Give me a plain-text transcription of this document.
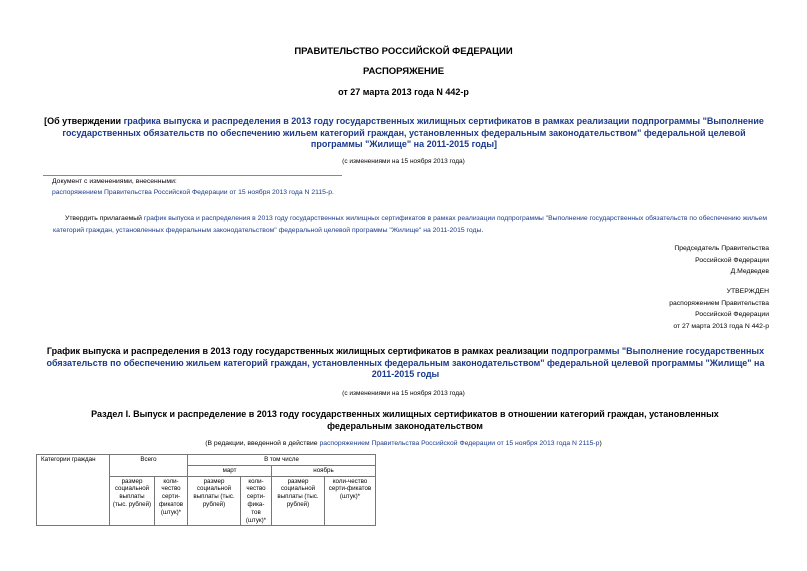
ПРАВИТЕЛЬСТВО РОССИЙСКОЙ ФЕДЕРАЦИИ
РАСПОРЯЖЕНИЕ
от 27 марта 2013 года N 442-р
[Об утверждении графика выпуска и распределения в 2013 году государственных жилищных сертификатов в рамках реализации подпрограммы "Выполнение государственных обязательств по обеспечению жильем категорий граждан, установленных федеральным законодательством" федеральной целевой программы "Жилище" на 2011-2015 годы]
(с изменениями на 15 ноября 2013 года)
Документ с изменениями, внесенными:
распоряжением Правительства Российской Федерации от 15 ноября 2013 года N 2115-р.
Утвердить прилагаемый график выпуска и распределения в 2013 году государственных жилищных сертификатов в рамках реализации подпрограммы "Выполнение государственных обязательств по обеспечению жильем категорий граждан, установленных федеральным законодательством" федеральной целевой программы "Жилище" на 2011-2015 годы.
Председатель Правительства
Российской Федерации
Д.Медведев
УТВЕРЖДЕН
распоряжением Правительства
Российской Федерации
от 27 марта 2013 года N 442-р
График выпуска и распределения в 2013 году государственных жилищных сертификатов в рамках реализации подпрограммы "Выполнение государственных обязательств по обеспечению жильем категорий граждан, установленных федеральным законодательством" федеральной целевой программы "Жилище" на 2011-2015 годы
(с изменениями на 15 ноября 2013 года)
Раздел I. Выпуск и распределение в 2013 году государственных жилищных сертификатов в отношении категорий граждан, установленных федеральным законодательством
(В редакции, введенной в действие распоряжением Правительства Российской Федерации от 15 ноября 2013 года N 2115-р)
Категории граждан	Всего		В том числе			
			март		ноябрь	
	размер социальной выплаты (тыс. рублей)	коли-чество серти-фикатов (штук)*	размер социальной выплаты (тыс. рублей)	коли-чество серти-фика-тов (штук)*	размер социальной выплаты (тыс. рублей)	коли-чество серти-фикатов (штук)*
